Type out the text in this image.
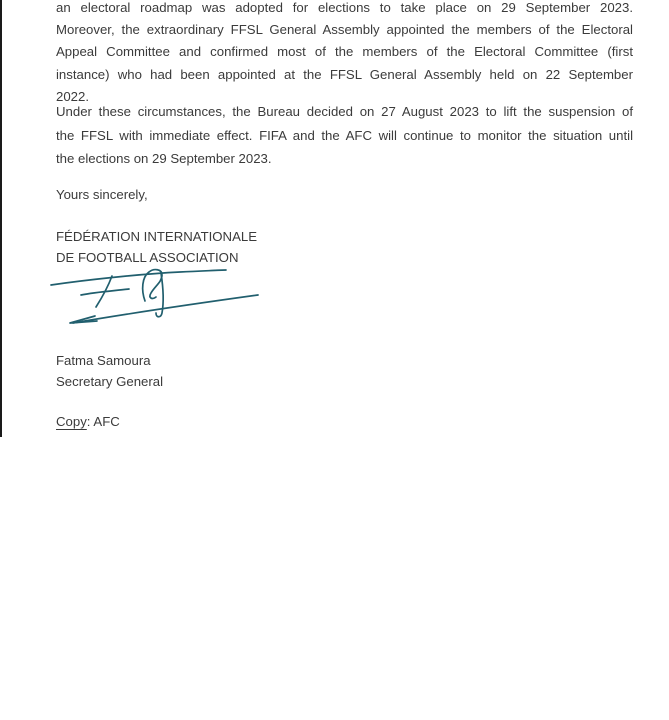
an electoral roadmap was adopted for elections to take place on 29 September 2023.
Moreover, the extraordinary FFSL General Assembly appointed the members of the Electoral
Appeal Committee and confirmed most of the members of the Electoral Committee (first
instance) who had been appointed at the FFSL General Assembly held on 22 September
2022.
Under these circumstances, the Bureau decided on 27 August 2023 to lift the suspension of
the FFSL with immediate effect. FIFA and the AFC will continue to monitor the situation until
the elections on 29 September 2023.
Yours sincerely,
FÉDÉRATION INTERNATIONALE
DE FOOTBALL ASSOCIATION
Fatma Samoura
Secretary General
Copy: AFC
